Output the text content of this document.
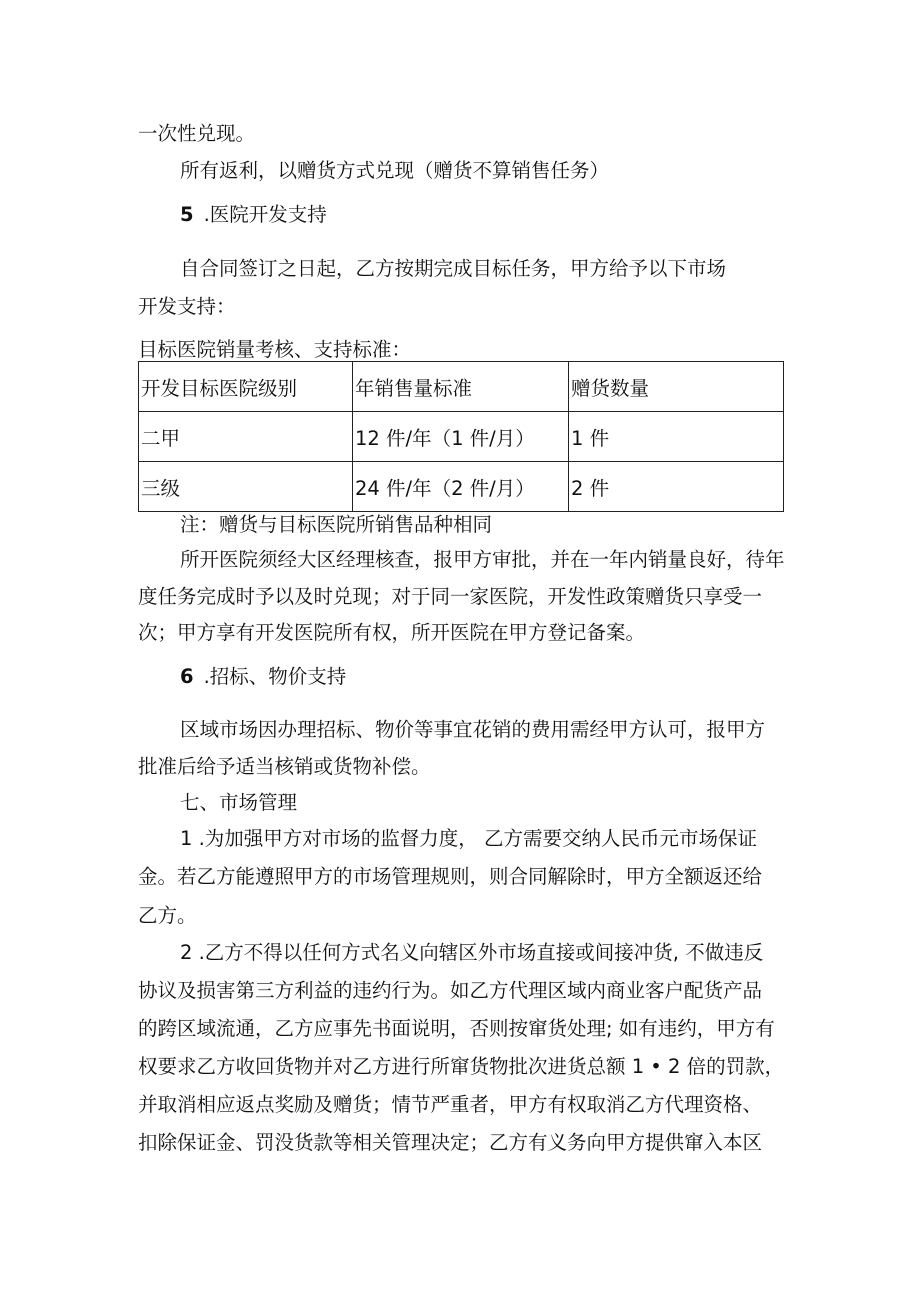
一次性兑现。
所有返利，以赠货方式兑现（赠货不算销售任务）
5 .医院开发支持
自合同签订之日起，乙方按期完成目标任务，甲方给予以下市场
开发支持：
目标医院销量考核、支持标准：
开发目标医院级别	年销售量标准	赠货数量
二甲	12 件/年（1 件/月）	1 件
三级	24 件/年（2 件/月）	2 件
注：赠货与目标医院所销售品种相同
所开医院须经大区经理核查，报甲方审批，并在一年内销量良好，待年
度任务完成时予以及时兑现；对于同一家医院，开发性政策赠货只享受一
次；甲方享有开发医院所有权，所开医院在甲方登记备案。
6 .招标、物价支持
区域市场因办理招标、物价等事宜花销的费用需经甲方认可，报甲方
批准后给予适当核销或货物补偿。
七、市场管理
1 .为加强甲方对市场的监督力度， 乙方需要交纳人民币元市场保证
金。若乙方能遵照甲方的市场管理规则，则合同解除时，甲方全额返还给
乙方。
2 .乙方不得以任何方式名义向辖区外市场直接或间接冲货, 不做违反
协议及损害第三方利益的违约行为。如乙方代理区域内商业客户配货产品
的跨区域流通，乙方应事先书面说明，否则按窜货处理; 如有违约，甲方有
权要求乙方收回货物并对乙方进行所窜货物批次进货总额 1 • 2 倍的罚款，
并取消相应返点奖励及赠货；情节严重者，甲方有权取消乙方代理资格、
扣除保证金、罚没货款等相关管理决定；乙方有义务向甲方提供窜入本区
